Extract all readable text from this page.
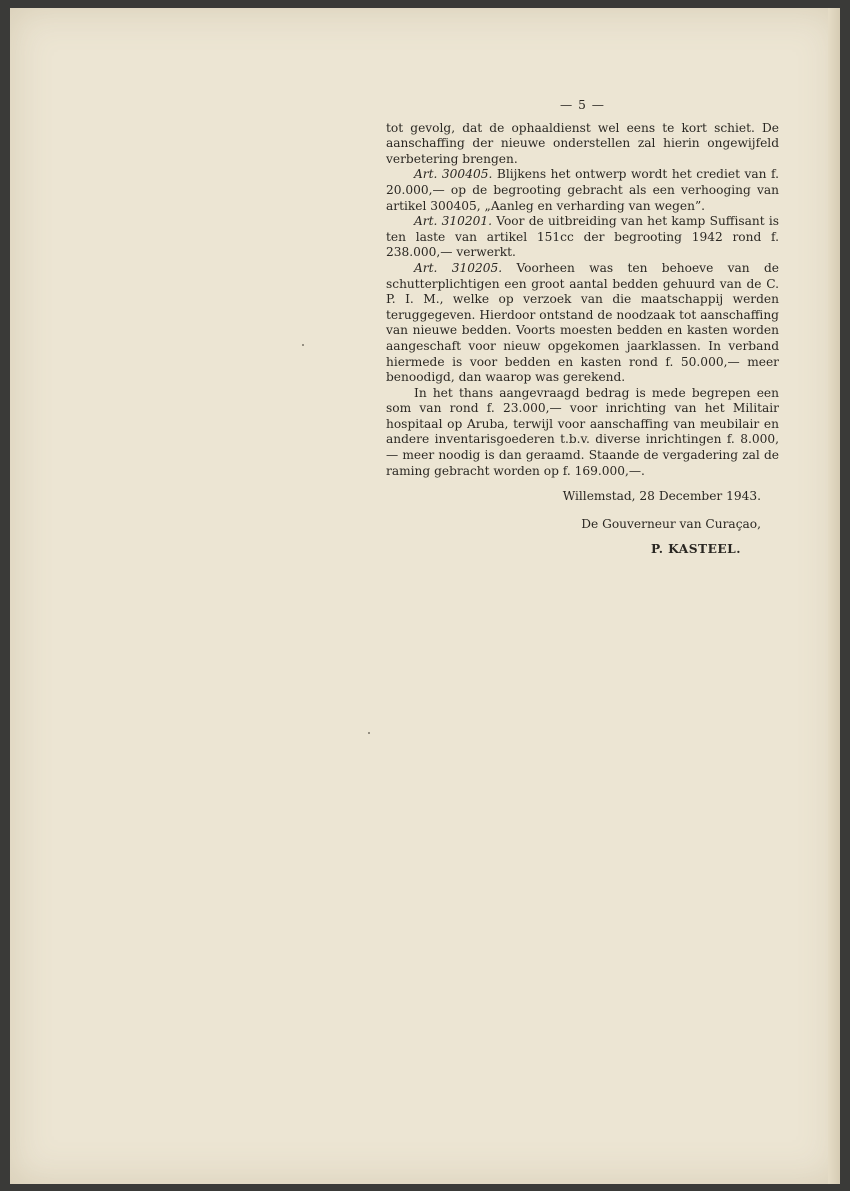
— 5 —

tot gevolg, dat de ophaaldienst wel eens te kort schiet. De aanschaffing der nieuwe onderstellen zal hierin ongewijfeld verbetering brengen.

Art. 300405. Blijkens het ontwerp wordt het crediet van f. 20.000,— op de begrooting gebracht als een verhooging van artikel 300405, „Aanleg en verharding van wegen”.

Art. 310201. Voor de uitbreiding van het kamp Suffisant is ten laste van artikel 151cc der begrooting 1942 rond f. 238.000,— verwerkt.

Art. 310205. Voorheen was ten behoeve van de schutterplichtigen een groot aantal bedden gehuurd van de C. P. I. M., welke op verzoek van die maatschappij werden teruggegeven. Hierdoor ontstand de noodzaak tot aanschaffing van nieuwe bedden. Voorts moesten bedden en kasten worden aangeschaft voor nieuw opgekomen jaarklassen. In verband hiermede is voor bedden en kasten rond f. 50.000,— meer benoodigd, dan waarop was gerekend.

In het thans aangevraagd bedrag is mede begrepen een som van rond f. 23.000,— voor inrichting van het Militair hospitaal op Aruba, terwijl voor aanschaffing van meubilair en andere inventarisgoederen t.b.v. diverse inrichtingen f. 8.000,— meer noodig is dan geraamd. Staande de vergadering zal de raming gebracht worden op f. 169.000,—.

Willemstad, 28 December 1943.

De Gouverneur van Curaçao,

P. KASTEEL.
